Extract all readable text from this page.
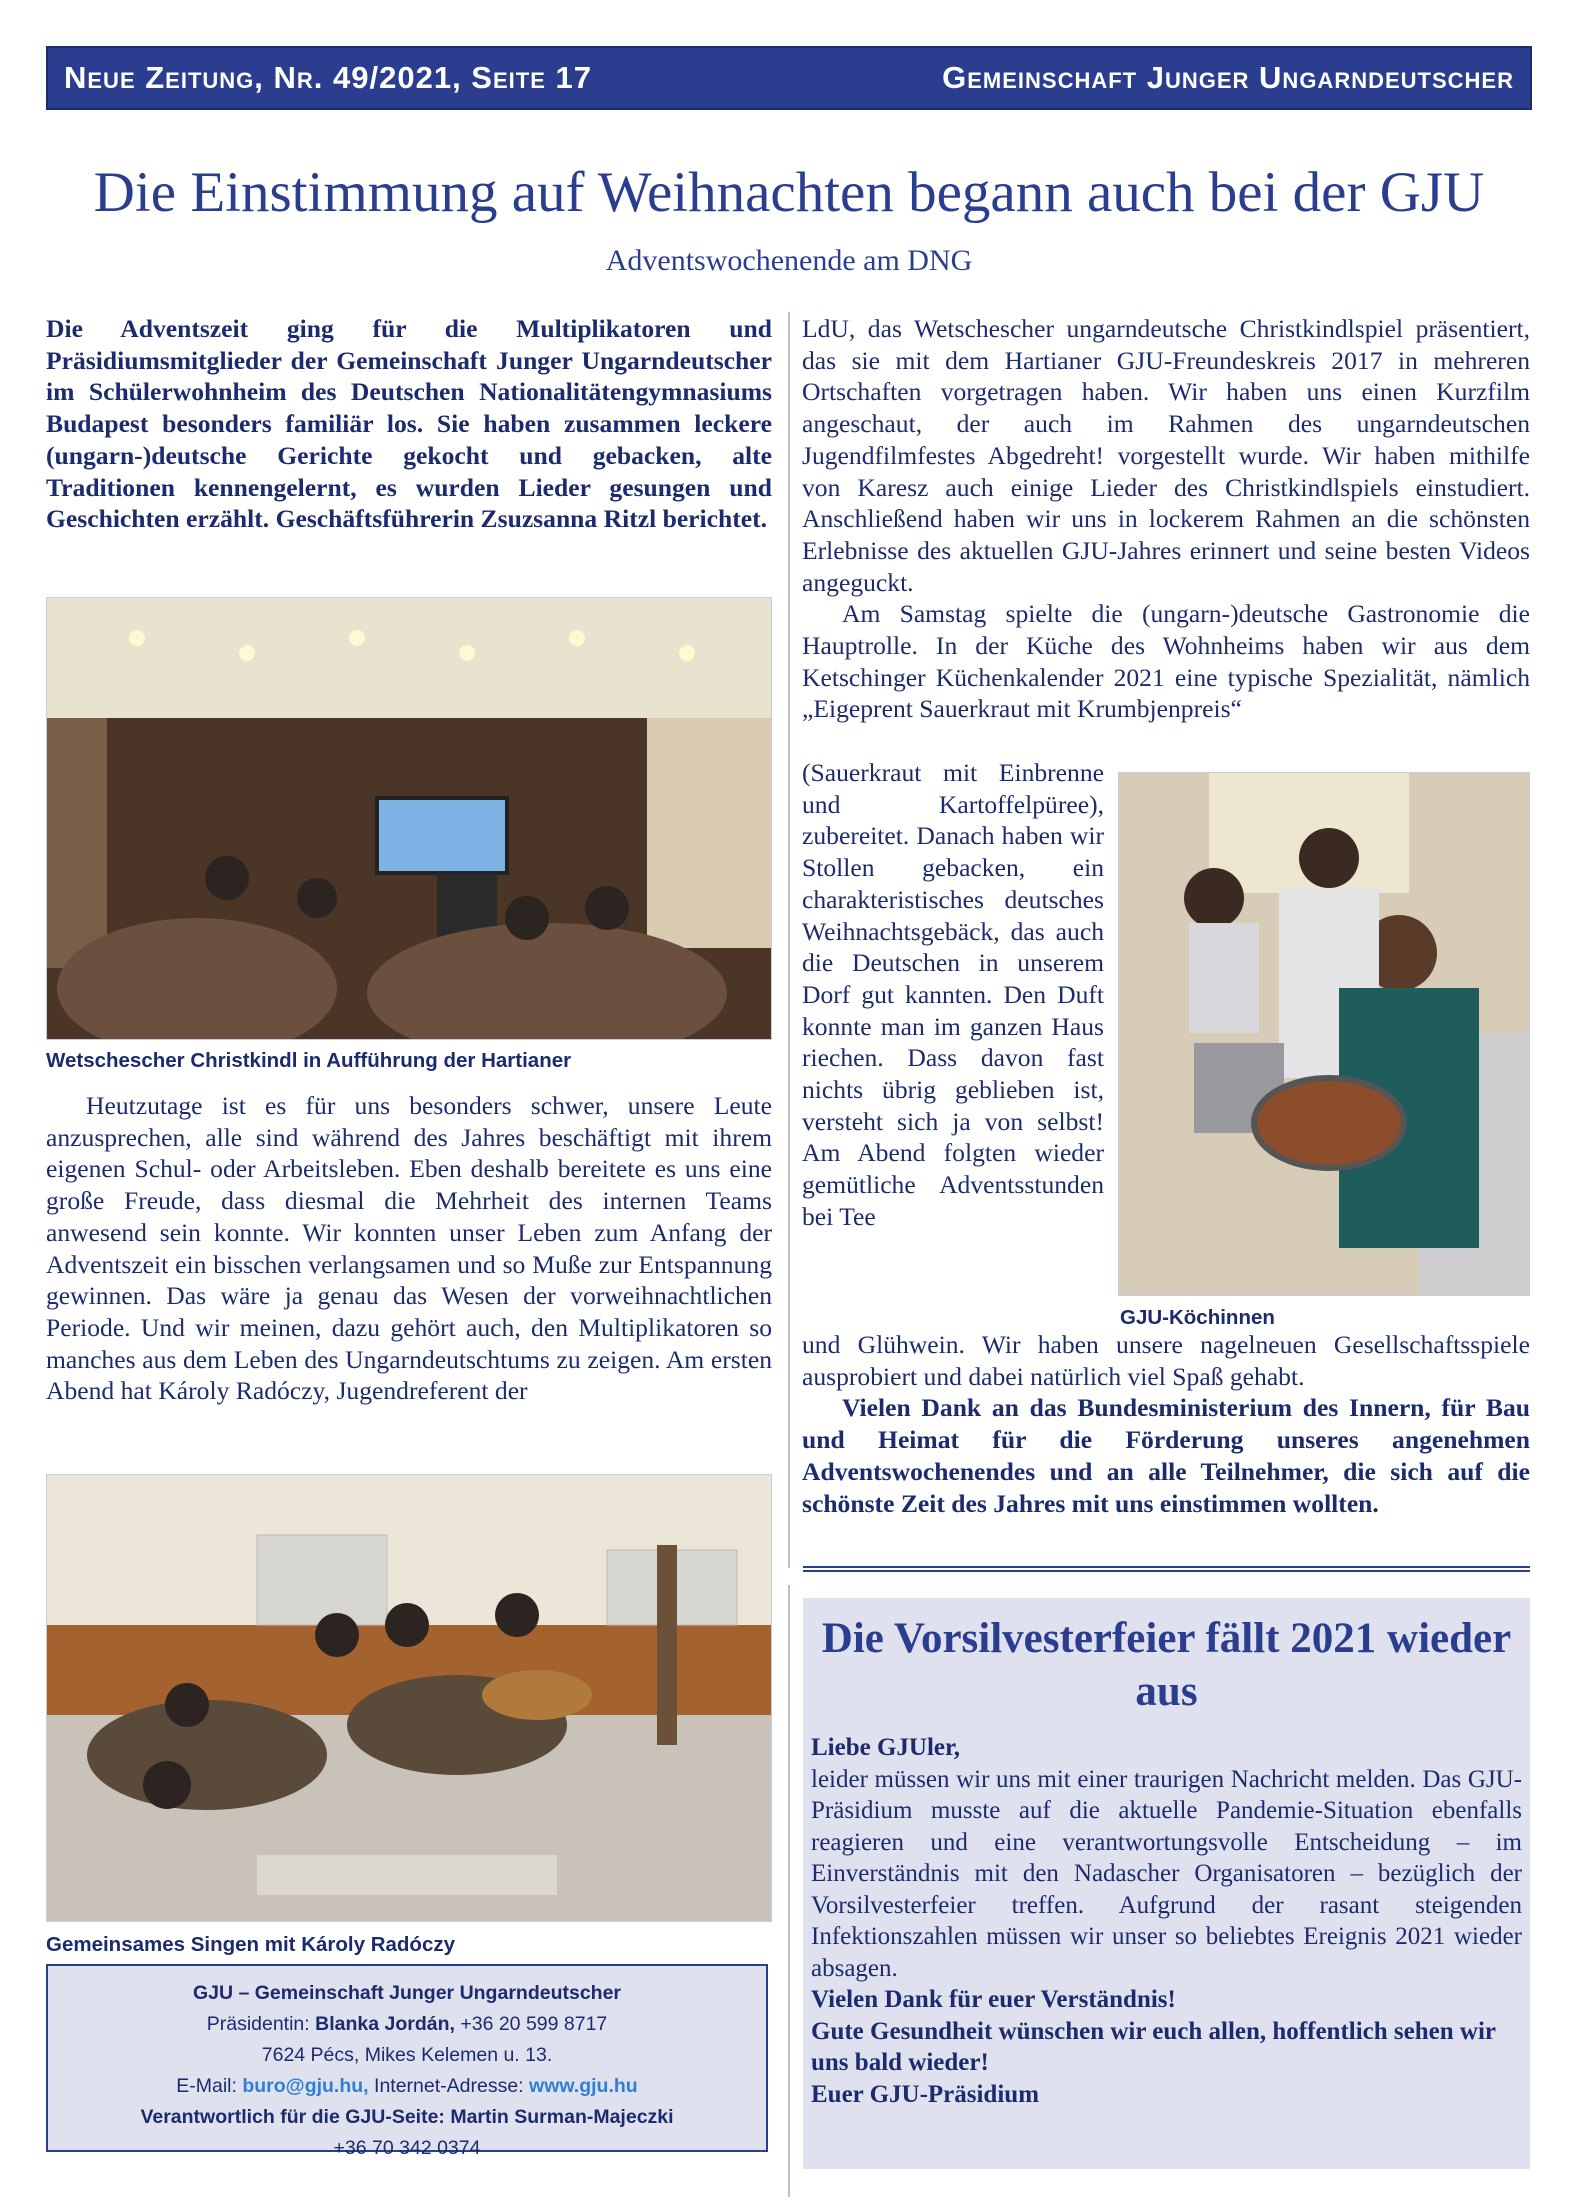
Neue Zeitung, Nr. 49/2021, Seite 17	Gemeinschaft Junger Ungarndeutscher
Die Einstimmung auf Weihnachten begann auch bei der GJU
Adventswochenende am DNG
Die Adventszeit ging für die Multiplikatoren und Präsidiumsmitglieder der Gemeinschaft Junger Ungarndeutscher im Schülerwohnheim des Deutschen Nationalitätengymnasiums Budapest besonders familiär los. Sie haben zusammen leckere (ungarn-)deutsche Gerichte gekocht und gebacken, alte Traditionen kennengelernt, es wurden Lieder gesungen und Geschichten erzählt. Geschäftsführerin Zsuzsanna Ritzl berichtet.
Wetschescher Christkindl in Aufführung der Hartianer
Heutzutage ist es für uns besonders schwer, unsere Leute anzusprechen, alle sind während des Jahres beschäftigt mit ihrem eigenen Schul- oder Arbeitsleben. Eben deshalb bereitete es uns eine große Freude, dass diesmal die Mehrheit des internen Teams anwesend sein konnte. Wir konnten unser Leben zum Anfang der Adventszeit ein bisschen verlangsamen und so Muße zur Entspannung gewinnen. Das wäre ja genau das Wesen der vorweihnachtlichen Periode. Und wir meinen, dazu gehört auch, den Multiplikatoren so manches aus dem Leben des Ungarndeutschtums zu zeigen. Am ersten Abend hat Károly Radóczy, Jugendreferent der
Gemeinsames Singen mit Károly Radóczy
GJU – Gemeinschaft Junger Ungarndeutscher
Präsidentin: Blanka Jordán, +36 20 599 8717
7624 Pécs, Mikes Kelemen u. 13.
E-Mail: buro@gju.hu, Internet-Adresse: www.gju.hu
Verantwortlich für die GJU-Seite: Martin Surman-Majeczki
+36 70 342 0374

LdU, das Wetschescher ungarndeutsche Christkindlspiel präsentiert, das sie mit dem Hartianer GJU-Freundeskreis 2017 in mehreren Ortschaften vorgetragen haben. Wir haben uns einen Kurzfilm angeschaut, der auch im Rahmen des ungarndeutschen Jugendfilmfestes Abgedreht! vorgestellt wurde. Wir haben mithilfe von Karesz auch einige Lieder des Christkindlspiels einstudiert. Anschließend haben wir uns in lockerem Rahmen an die schönsten Erlebnisse des aktuellen GJU-Jahres erinnert und seine besten Videos angeguckt.

Am Samstag spielte die (ungarn-)deutsche Gastronomie die Hauptrolle. In der Küche des Wohnheims haben wir aus dem Ketschinger Küchenkalender 2021 eine typische Spezialität, nämlich „Eigeprent Sauerkraut mit Krumbjenpreis“

(Sauerkraut mit Einbrenne und Kartoffelpüree), zubereitet. Danach haben wir Stollen gebacken, ein charakteristisches deutsches Weihnachtsgebäck, das auch die Deutschen in unserem Dorf gut kannten. Den Duft konnte man im ganzen Haus riechen. Dass davon fast nichts übrig geblieben ist, versteht sich ja von selbst! Am Abend folgten wieder gemütliche Adventsstunden bei Tee
GJU-Köchinnen

und Glühwein. Wir haben unsere nagelneuen Gesellschaftsspiele ausprobiert und dabei natürlich viel Spaß gehabt.

Vielen Dank an das Bundesministerium des Innern, für Bau und Heimat für die Förderung unseres angenehmen Adventswochenendes und an alle Teilnehmer, die sich auf die schönste Zeit des Jahres mit uns einstimmen wollten.

Die Vorsilvesterfeier fällt 2021 wieder aus

Liebe GJUler,

leider müssen wir uns mit einer traurigen Nachricht melden. Das GJU-Präsidium musste auf die aktuelle Pandemie-Situation ebenfalls reagieren und eine verantwortungsvolle Entscheidung – im Einverständnis mit den Nadascher Organisatoren – bezüglich der Vorsilvesterfeier treffen. Aufgrund der rasant steigenden Infektionszahlen müssen wir unser so beliebtes Ereignis 2021 wieder absagen.

Vielen Dank für euer Verständnis!

Gute Gesundheit wünschen wir euch allen, hoffentlich sehen wir uns bald wieder!

Euer GJU-Präsidium
